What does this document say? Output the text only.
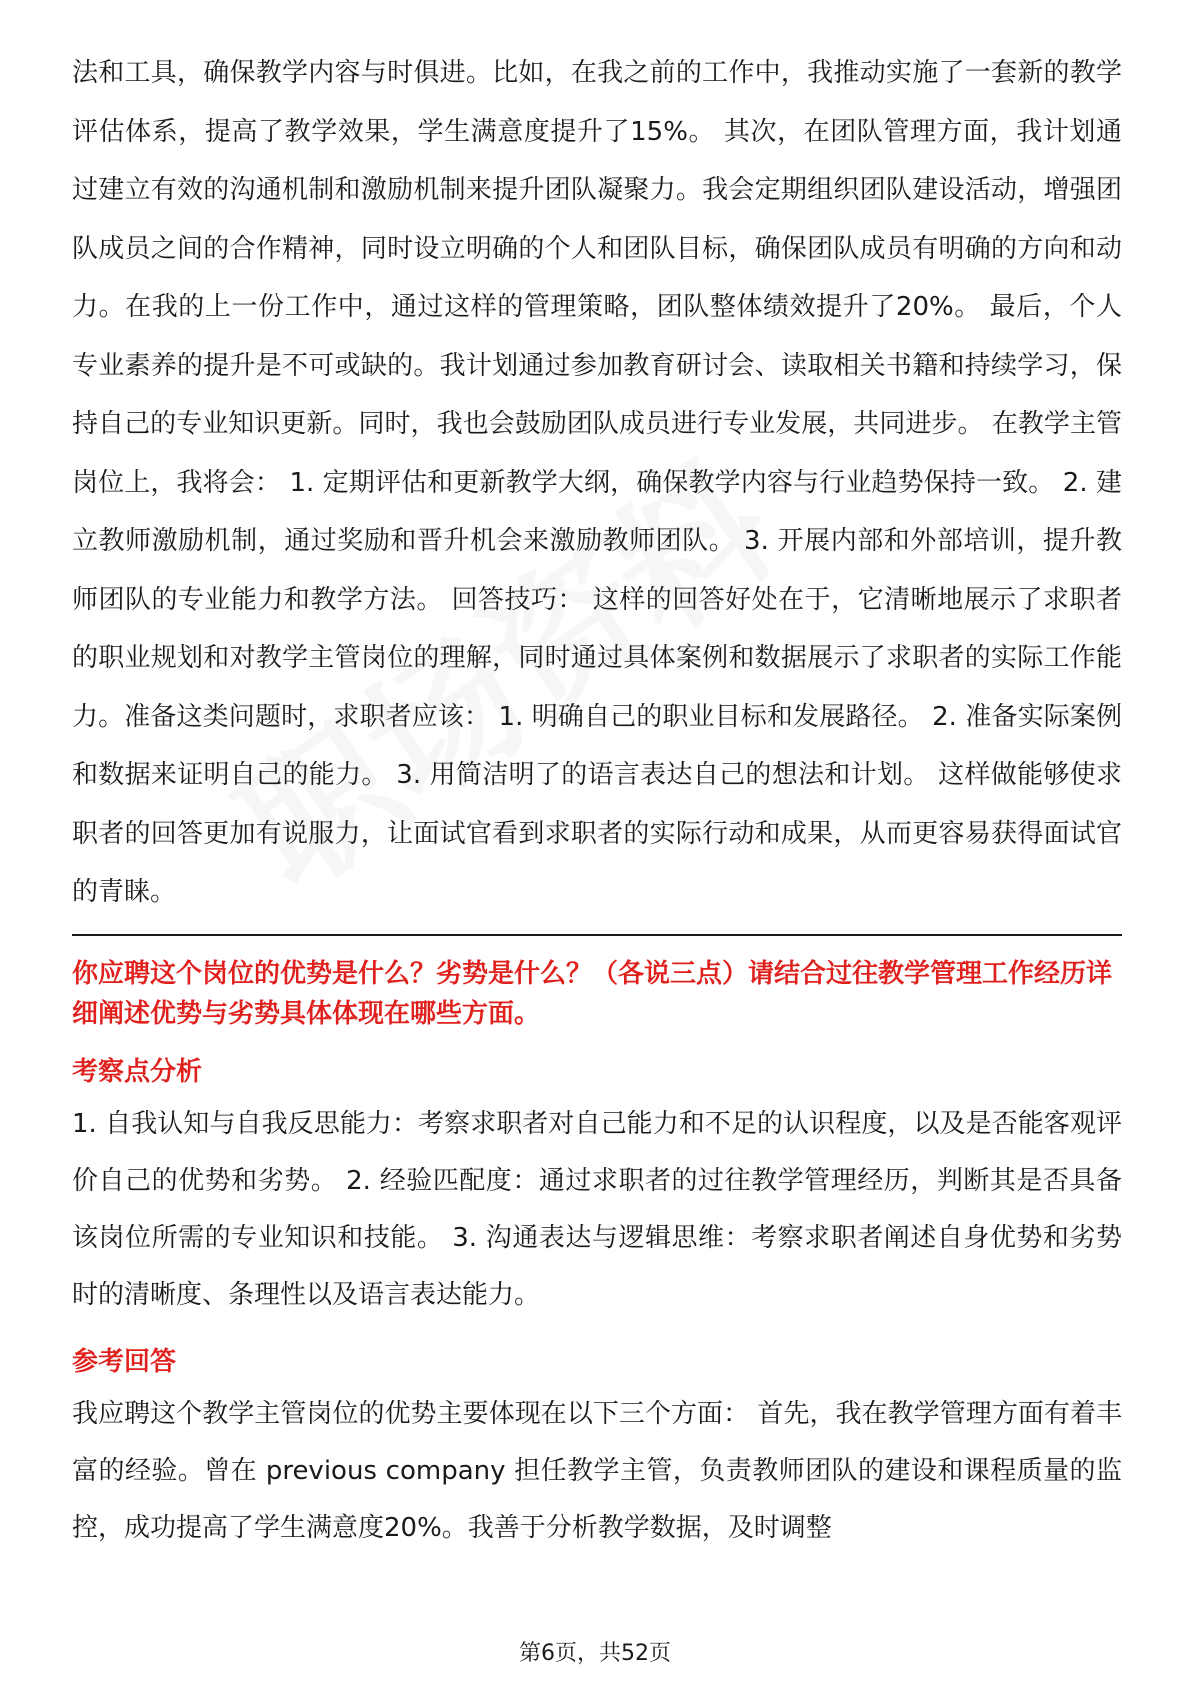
法和工具，确保教学内容与时俱进。比如，在我之前的工作中，我推动实施了一套新的教学评估体系，提高了教学效果，学生满意度提升了15%。 其次，在团队管理方面，我计划通过建立有效的沟通机制和激励机制来提升团队凝聚力。我会定期组织团队建设活动，增强团队成员之间的合作精神，同时设立明确的个人和团队目标，确保团队成员有明确的方向和动力。在我的上一份工作中，通过这样的管理策略，团队整体绩效提升了20%。 最后，个人专业素养的提升是不可或缺的。我计划通过参加教育研讨会、读取相关书籍和持续学习，保持自己的专业知识更新。同时，我也会鼓励团队成员进行专业发展，共同进步。 在教学主管岗位上，我将会： 1. 定期评估和更新教学大纲，确保教学内容与行业趋势保持一致。 2. 建立教师激励机制，通过奖励和晋升机会来激励教师团队。 3. 开展内部和外部培训，提升教师团队的专业能力和教学方法。 回答技巧： 这样的回答好处在于，它清晰地展示了求职者的职业规划和对教学主管岗位的理解，同时通过具体案例和数据展示了求职者的实际工作能力。准备这类问题时，求职者应该： 1. 明确自己的职业目标和发展路径。 2. 准备实际案例和数据来证明自己的能力。 3. 用简洁明了的语言表达自己的想法和计划。 这样做能够使求职者的回答更加有说服力，让面试官看到求职者的实际行动和成果，从而更容易获得面试官的青睐。

你应聘这个岗位的优势是什么？劣势是什么？（各说三点）请结合过往教学管理工作经历详细阐述优势与劣势具体体现在哪些方面。

考察点分析

1. 自我认知与自我反思能力：考察求职者对自己能力和不足的认识程度，以及是否能客观评价自己的优势和劣势。 2. 经验匹配度：通过求职者的过往教学管理经历，判断其是否具备该岗位所需的专业知识和技能。 3. 沟通表达与逻辑思维：考察求职者阐述自身优势和劣势时的清晰度、条理性以及语言表达能力。

参考回答

我应聘这个教学主管岗位的优势主要体现在以下三个方面： 首先，我在教学管理方面有着丰富的经验。曾在 previous company 担任教学主管，负责教师团队的建设和课程质量的监控，成功提高了学生满意度20%。我善于分析教学数据，及时调整

第6页，共52页
